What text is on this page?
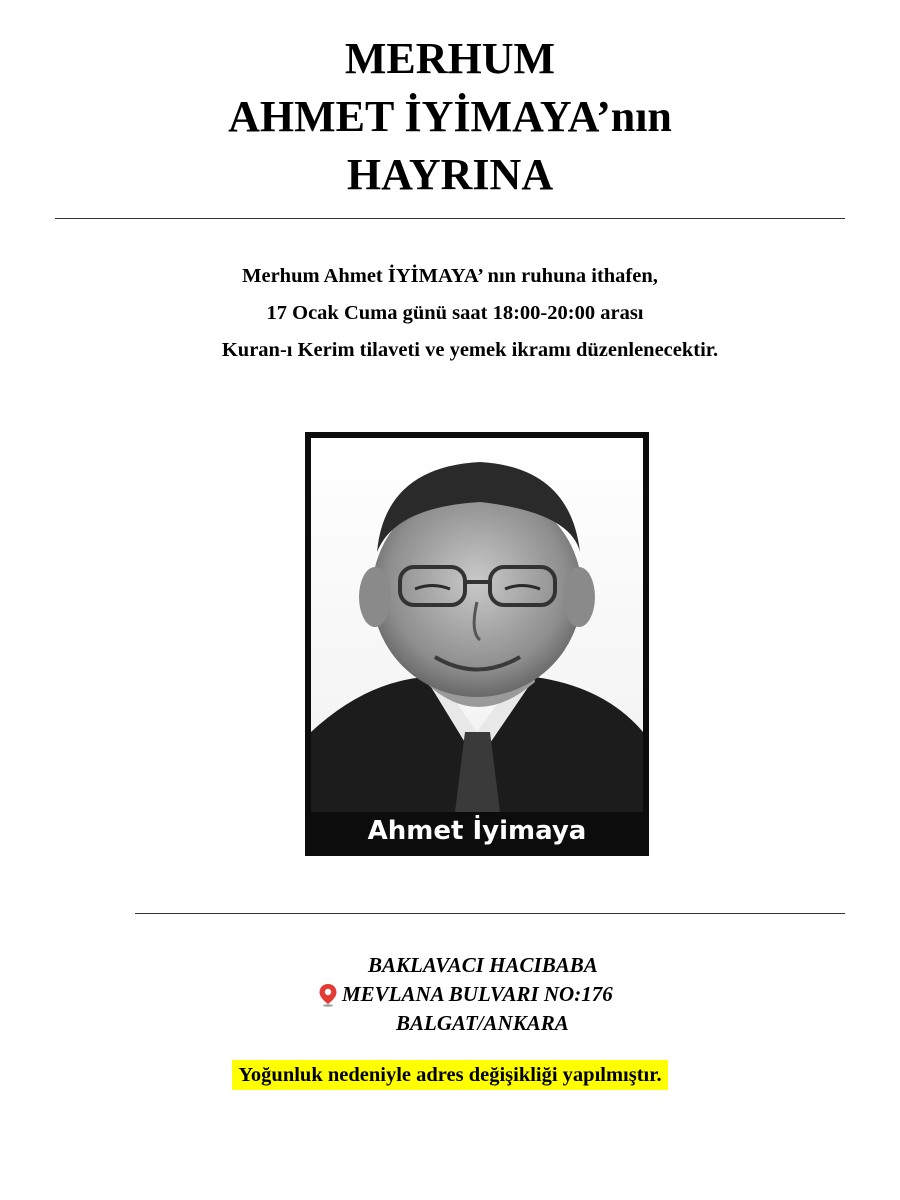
MERHUM
AHMET İYİMAYA’nın
HAYRINA
Merhum Ahmet İYİMAYA’ nın ruhuna ithafen,
17 Ocak Cuma günü saat 18:00-20:00 arası
Kuran-ı Kerim tilaveti ve yemek ikramı düzenlenecektir.
Ahmet İyimaya
BAKLAVACI HACIBABA
MEVLANA BULVARI NO:176
BALGAT/ANKARA
Yoğunluk nedeniyle adres değişikliği yapılmıştır.
